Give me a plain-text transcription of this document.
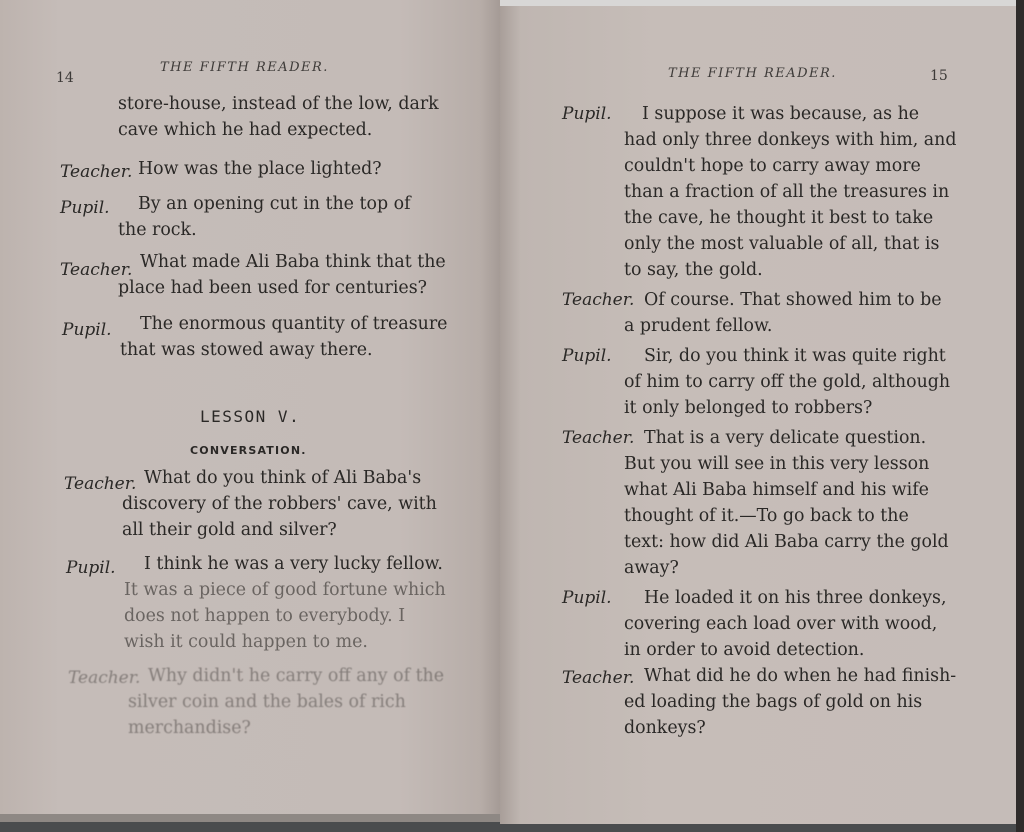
14
THE FIFTH READER.
store-house, instead of the low, dark
cave which he had expected.
Teacher. How was the place lighted?
Pupil. By an opening cut in the top of
the rock.
Teacher. What made Ali Baba think that the
place had been used for centuries?
Pupil. The enormous quantity of treasure
that was stowed away there.
LESSON V.
CONVERSATION.
Teacher. What do you think of Ali Baba's
discovery of the robbers' cave, with
all their gold and silver?
Pupil. I think he was a very lucky fellow.
It was a piece of good fortune which
does not happen to everybody. I
wish it could happen to me.
Teacher. Why didn't he carry off any of the
silver coin and the bales of rich
merchandise?
THE FIFTH READER.	15
Pupil. I suppose it was because, as he
had only three donkeys with him, and
couldn't hope to carry away more
than a fraction of all the treasures in
the cave, he thought it best to take
only the most valuable of all, that is
to say, the gold.
Teacher. Of course. That showed him to be
a prudent fellow.
Pupil. Sir, do you think it was quite right
of him to carry off the gold, although
it only belonged to robbers?
Teacher. That is a very delicate question.
But you will see in this very lesson
what Ali Baba himself and his wife
thought of it.—To go back to the
text: how did Ali Baba carry the gold
away?
Pupil. He loaded it on his three donkeys,
covering each load over with wood,
in order to avoid detection.
Teacher. What did he do when he had finish-
ed loading the bags of gold on his
donkeys?
